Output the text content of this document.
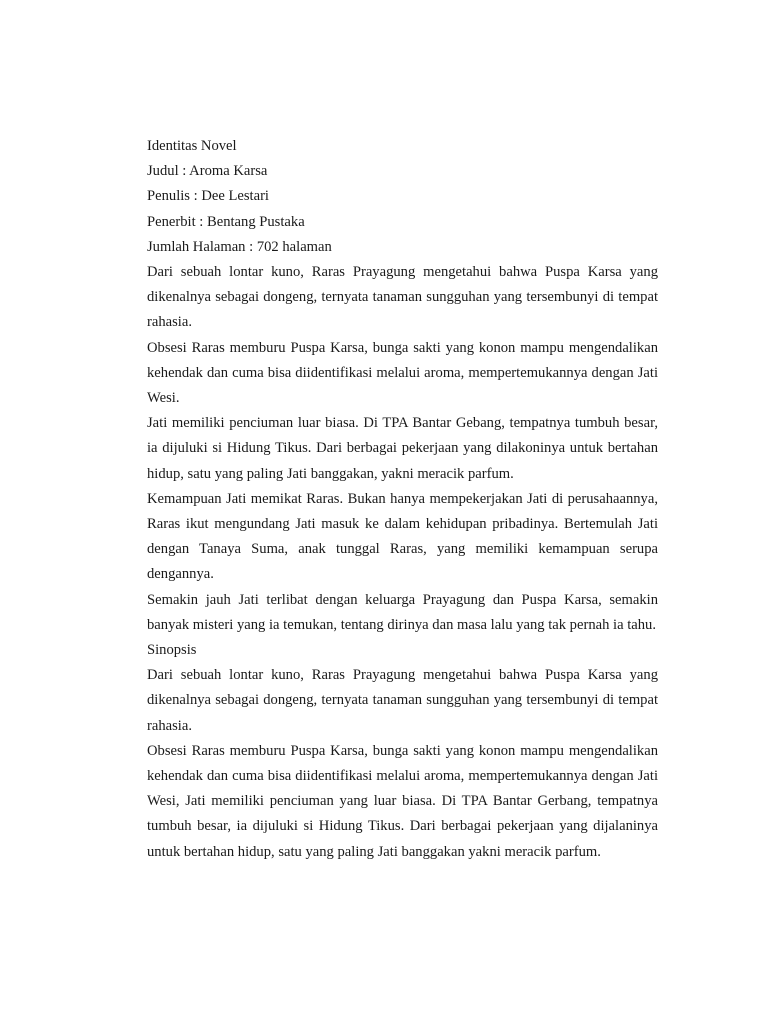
Identitas Novel

Judul : Aroma Karsa

Penulis : Dee Lestari

Penerbit : Bentang Pustaka

Jumlah Halaman : 702 halaman

Dari sebuah lontar kuno, Raras Prayagung mengetahui bahwa Puspa Karsa yang dikenalnya sebagai dongeng, ternyata tanaman sungguhan yang tersembunyi di tempat rahasia.

Obsesi Raras memburu Puspa Karsa, bunga sakti yang konon mampu mengendalikan kehendak dan cuma bisa diidentifikasi melalui aroma, mempertemukannya dengan Jati Wesi.

Jati memiliki penciuman luar biasa. Di TPA Bantar Gebang, tempatnya tumbuh besar, ia dijuluki si Hidung Tikus. Dari berbagai pekerjaan yang dilakoninya untuk bertahan hidup, satu yang paling Jati banggakan, yakni meracik parfum.

Kemampuan Jati memikat Raras. Bukan hanya mempekerjakan Jati di perusahaannya, Raras ikut mengundang Jati masuk ke dalam kehidupan pribadinya. Bertemulah Jati dengan Tanaya Suma, anak tunggal Raras, yang memiliki kemampuan serupa dengannya.

Semakin jauh Jati terlibat dengan keluarga Prayagung dan Puspa Karsa, semakin banyak misteri yang ia temukan, tentang dirinya dan masa lalu yang tak pernah ia tahu.

Sinopsis

Dari sebuah lontar kuno, Raras Prayagung mengetahui bahwa Puspa Karsa yang dikenalnya sebagai dongeng, ternyata tanaman sungguhan yang tersembunyi di tempat rahasia.

Obsesi Raras memburu Puspa Karsa, bunga sakti yang konon mampu mengendalikan kehendak dan cuma bisa diidentifikasi melalui aroma, mempertemukannya dengan Jati Wesi, Jati memiliki penciuman yang luar biasa. Di TPA Bantar Gerbang, tempatnya tumbuh besar, ia dijuluki si Hidung Tikus. Dari berbagai pekerjaan yang dijalaninya untuk bertahan hidup, satu yang paling Jati banggakan yakni meracik parfum.
